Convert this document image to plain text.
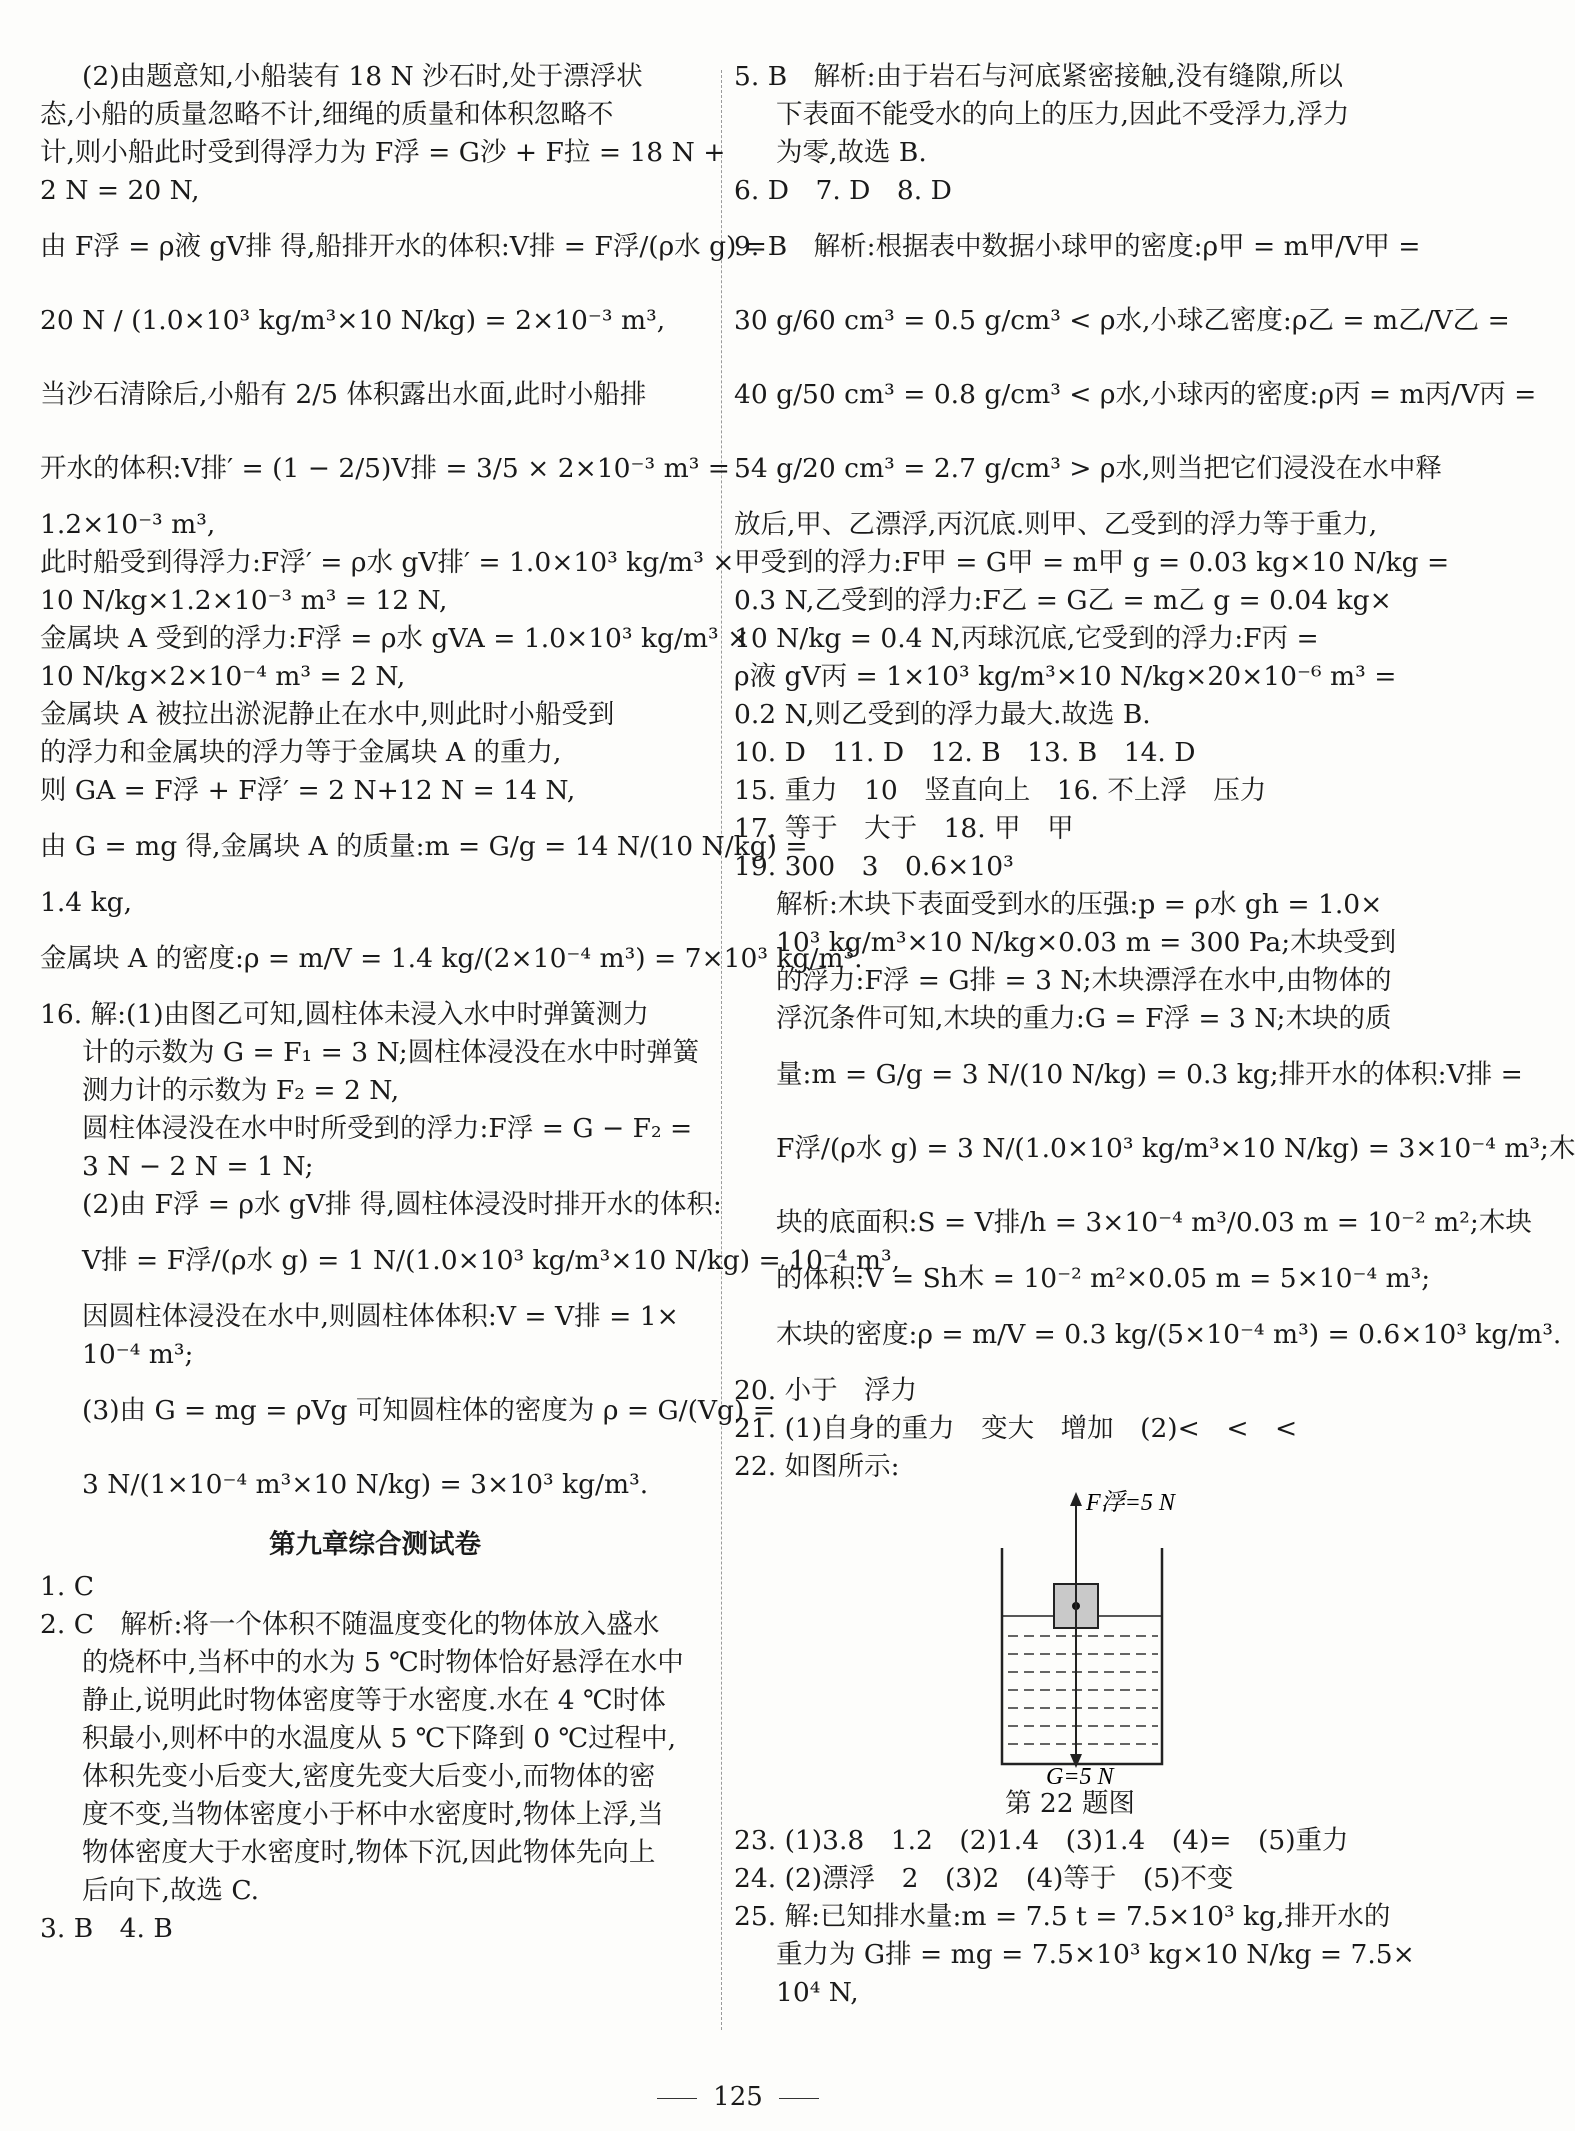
(2)由题意知,小船装有 18 N 沙石时,处于漂浮状
态,小船的质量忽略不计,细绳的质量和体积忽略不
计,则小船此时受到得浮力为 F浮 = G沙 + F拉 = 18 N +
2 N = 20 N,
由 F浮 = ρ液 gV排 得,船排开水的体积:V排 = F浮/(ρ水 g) =
20 N / (1.0×10³ kg/m³×10 N/kg) = 2×10⁻³ m³,
当沙石清除后,小船有 2/5 体积露出水面,此时小船排
开水的体积:V排′ = (1 − 2/5)V排 = 3/5 × 2×10⁻³ m³ =
1.2×10⁻³ m³,
此时船受到得浮力:F浮′ = ρ水 gV排′ = 1.0×10³ kg/m³ ×
10 N/kg×1.2×10⁻³ m³ = 12 N,
金属块 A 受到的浮力:F浮 = ρ水 gVA = 1.0×10³ kg/m³ ×
10 N/kg×2×10⁻⁴ m³ = 2 N,
金属块 A 被拉出淤泥静止在水中,则此时小船受到
的浮力和金属块的浮力等于金属块 A 的重力,
则 GA = F浮 + F浮′ = 2 N+12 N = 14 N,
由 G = mg 得,金属块 A 的质量:m = G/g = 14 N/(10 N/kg) =
1.4 kg,
金属块 A 的密度:ρ = m/V = 1.4 kg/(2×10⁻⁴ m³) = 7×10³ kg/m³.
16. 解:(1)由图乙可知,圆柱体未浸入水中时弹簧测力
计的示数为 G = F₁ = 3 N;圆柱体浸没在水中时弹簧
测力计的示数为 F₂ = 2 N,
圆柱体浸没在水中时所受到的浮力:F浮 = G − F₂ =
3 N − 2 N = 1 N;
(2)由 F浮 = ρ水 gV排 得,圆柱体浸没时排开水的体积:
V排 = F浮/(ρ水 g) = 1 N/(1.0×10³ kg/m³×10 N/kg) = 10⁻⁴ m³,
因圆柱体浸没在水中,则圆柱体体积:V = V排 = 1×
10⁻⁴ m³;
(3)由 G = mg = ρVg 可知圆柱体的密度为 ρ = G/(Vg) =
3 N/(1×10⁻⁴ m³×10 N/kg) = 3×10³ kg/m³.
第九章综合测试卷
1. C
2. C　解析:将一个体积不随温度变化的物体放入盛水
的烧杯中,当杯中的水为 5 ℃时物体恰好悬浮在水中
静止,说明此时物体密度等于水密度.水在 4 ℃时体
积最小,则杯中的水温度从 5 ℃下降到 0 ℃过程中,
体积先变小后变大,密度先变大后变小,而物体的密
度不变,当物体密度小于杯中水密度时,物体上浮,当
物体密度大于水密度时,物体下沉,因此物体先向上
后向下,故选 C.
3. B　4. B
5. B　解析:由于岩石与河底紧密接触,没有缝隙,所以
下表面不能受水的向上的压力,因此不受浮力,浮力
为零,故选 B.
6. D　7. D　8. D
9. B　解析:根据表中数据小球甲的密度:ρ甲 = m甲/V甲 =
30 g/60 cm³ = 0.5 g/cm³ < ρ水,小球乙密度:ρ乙 = m乙/V乙 =
40 g/50 cm³ = 0.8 g/cm³ < ρ水,小球丙的密度:ρ丙 = m丙/V丙 =
54 g/20 cm³ = 2.7 g/cm³ > ρ水,则当把它们浸没在水中释
放后,甲、乙漂浮,丙沉底.则甲、乙受到的浮力等于重力,
甲受到的浮力:F甲 = G甲 = m甲 g = 0.03 kg×10 N/kg =
0.3 N,乙受到的浮力:F乙 = G乙 = m乙 g = 0.04 kg×
10 N/kg = 0.4 N,丙球沉底,它受到的浮力:F丙 =
ρ液 gV丙 = 1×10³ kg/m³×10 N/kg×20×10⁻⁶ m³ =
0.2 N,则乙受到的浮力最大.故选 B.
10. D　11. D　12. B　13. B　14. D
15. 重力　10　竖直向上　16. 不上浮　压力
17. 等于　大于　18. 甲　甲
19. 300　3　0.6×10³
解析:木块下表面受到水的压强:p = ρ水 gh = 1.0×
10³ kg/m³×10 N/kg×0.03 m = 300 Pa;木块受到
的浮力:F浮 = G排 = 3 N;木块漂浮在水中,由物体的
浮沉条件可知,木块的重力:G = F浮 = 3 N;木块的质
量:m = G/g = 3 N/(10 N/kg) = 0.3 kg;排开水的体积:V排 =
F浮/(ρ水 g) = 3 N/(1.0×10³ kg/m³×10 N/kg) = 3×10⁻⁴ m³;木
块的底面积:S = V排/h = 3×10⁻⁴ m³/0.03 m = 10⁻² m²;木块
的体积:V = Sh木 = 10⁻² m²×0.05 m = 5×10⁻⁴ m³;
木块的密度:ρ = m/V = 0.3 kg/(5×10⁻⁴ m³) = 0.6×10³ kg/m³.
20. 小于　浮力
21. (1)自身的重力　变大　增加　(2)<　<　<
22. 如图所示:
F浮=5 N
G=5 N
第 22 题图
23. (1)3.8　1.2　(2)1.4　(3)1.4　(4)=　(5)重力
24. (2)漂浮　2　(3)2　(4)等于　(5)不变
25. 解:已知排水量:m = 7.5 t = 7.5×10³ kg,排开水的
重力为 G排 = mg = 7.5×10³ kg×10 N/kg = 7.5×
10⁴ N,
125
